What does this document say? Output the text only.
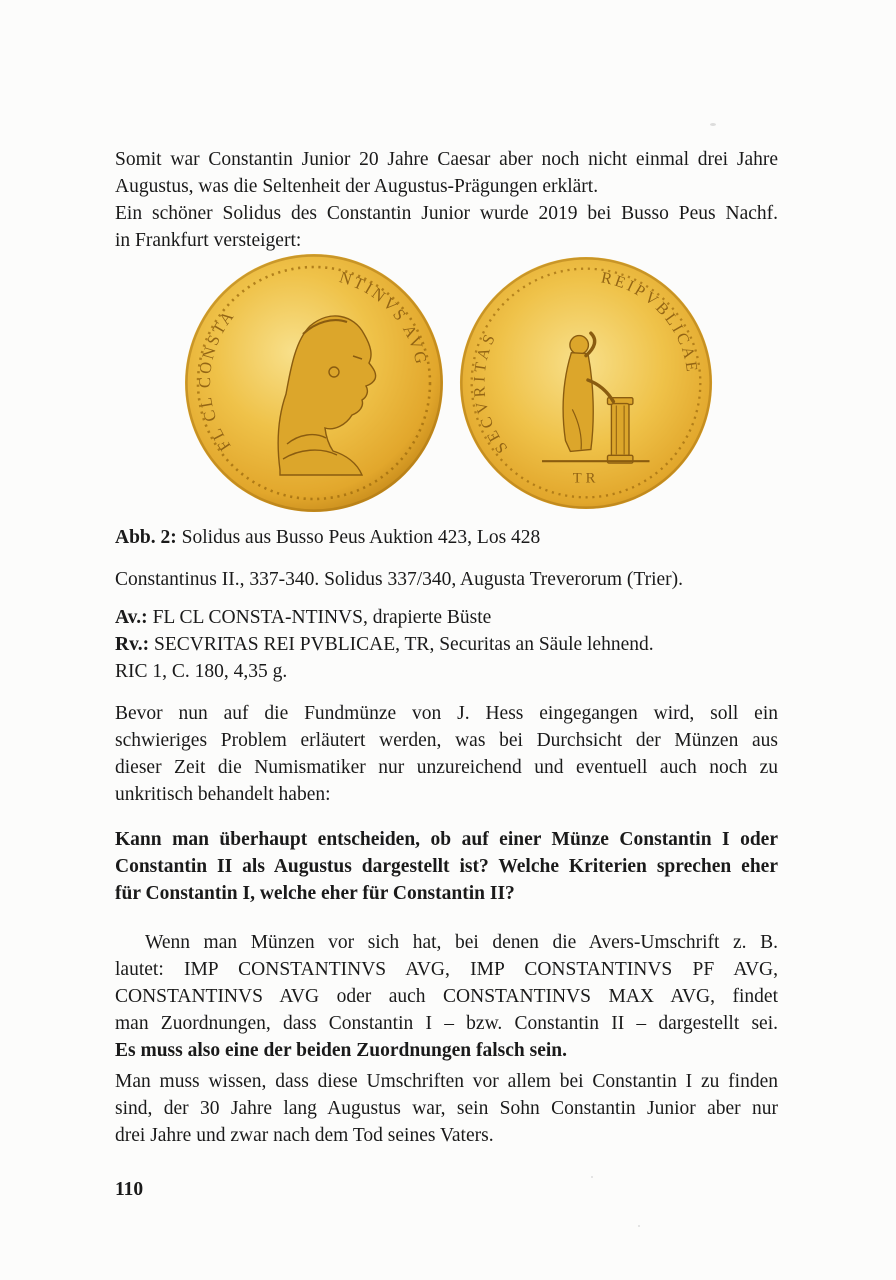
Somit war Constantin Junior 20 Jahre Caesar aber noch nicht einmal drei Jahre
Augustus, was die Seltenheit der Augustus-Prägungen erklärt.
Ein schöner Solidus des Constantin Junior wurde 2019 bei Busso Peus Nachf.
in Frankfurt versteigert:
FL CL CONSTA
NTINVS AVG
SECVRITAS
REIPVBLICAE
TR
Abb. 2: Solidus aus Busso Peus Auktion 423, Los 428
Constantinus II., 337-340. Solidus 337/340, Augusta Treverorum (Trier).
Av.: FL CL CONSTA-NTINVS, drapierte Büste
Rv.: SECVRITAS REI PVBLICAE, TR, Securitas an Säule lehnend.
RIC 1, C. 180, 4,35 g.
Bevor nun auf die Fundmünze von J. Hess eingegangen wird, soll ein
schwieriges Problem erläutert werden, was bei Durchsicht der Münzen aus
dieser Zeit die Numismatiker nur unzureichend und eventuell auch noch zu
unkritisch behandelt haben:
Kann man überhaupt entscheiden, ob auf einer Münze Constantin I oder
Constantin II als Augustus dargestellt ist? Welche Kriterien sprechen eher
für Constantin I, welche eher für Constantin II?
Wenn man Münzen vor sich hat, bei denen die Avers-Umschrift z. B.
lautet: IMP CONSTANTINVS AVG, IMP CONSTANTINVS PF AVG,
CONSTANTINVS AVG oder auch CONSTANTINVS MAX AVG, findet
man Zuordnungen, dass Constantin I – bzw. Constantin II – dargestellt sei.
Es muss also eine der beiden Zuordnungen falsch sein.
Man muss wissen, dass diese Umschriften vor allem bei Constantin I zu finden
sind, der 30 Jahre lang Augustus war, sein Sohn Constantin Junior aber nur
drei Jahre und zwar nach dem Tod seines Vaters.
110
